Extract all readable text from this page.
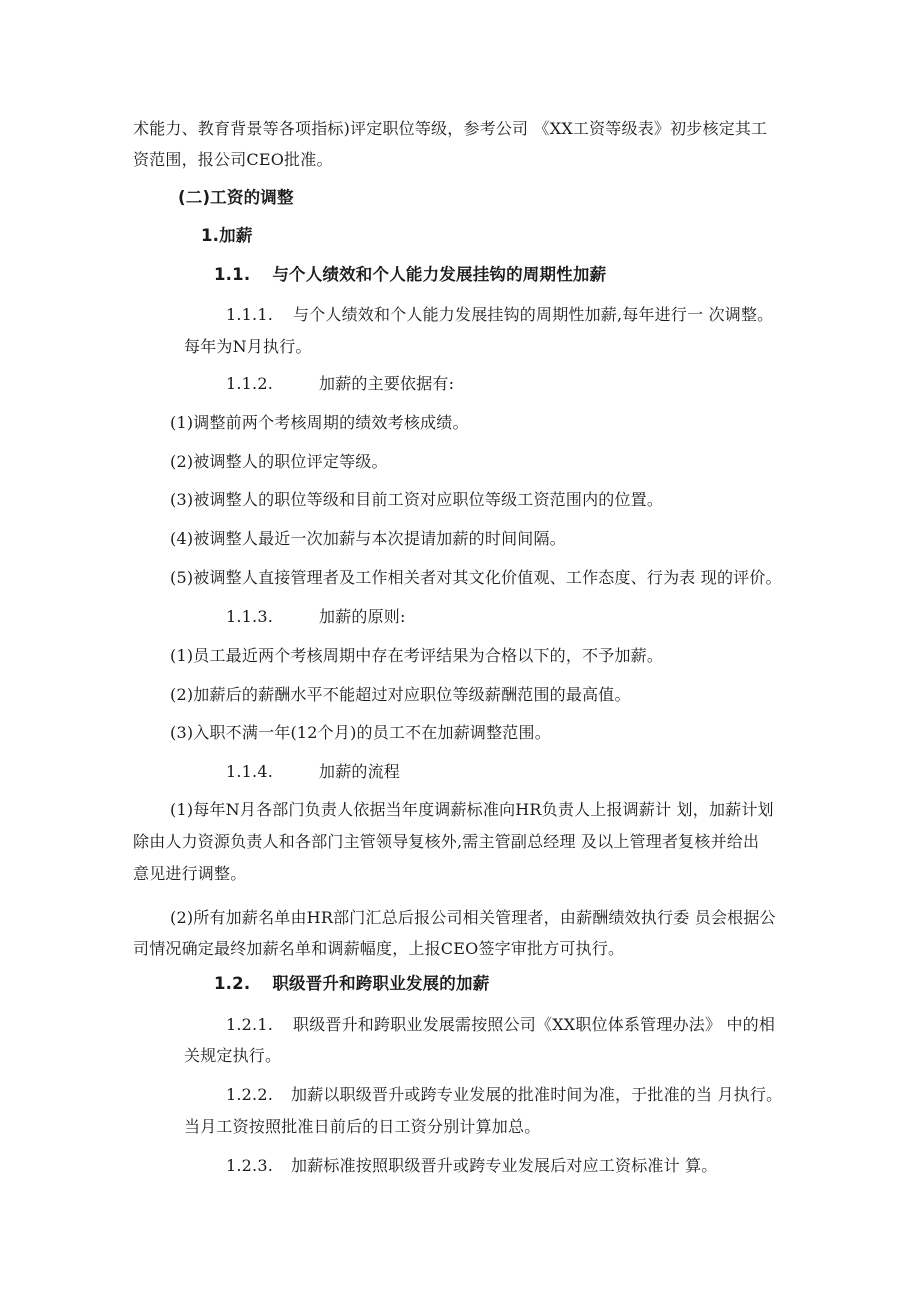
术能力、教育背景等各项指标)评定职位等级，参考公司 《XX工资等级表》初步核定其工
资范围，报公司CEO批准。
(二)工资的调整
1.加薪
1.1. 与个人绩效和个人能力发展挂钩的周期性加薪
1.1.1. 与个人绩效和个人能力发展挂钩的周期性加薪,每年进行一 次调整。
每年为N月执行。
1.1.2.	加薪的主要依据有:
(1)调整前两个考核周期的绩效考核成绩。
(2)被调整人的职位评定等级。
(3)被调整人的职位等级和目前工资对应职位等级工资范围内的位置。
(4)被调整人最近一次加薪与本次提请加薪的时间间隔。
(5)被调整人直接管理者及工作相关者对其文化价值观、工作态度、行为表 现的评价。
1.1.3.	加薪的原则:
(1)员工最近两个考核周期中存在考评结果为合格以下的，不予加薪。
(2)加薪后的薪酬水平不能超过对应职位等级薪酬范围的最高值。
(3)入职不满一年(12个月)的员工不在加薪调整范围。
1.1.4.	加薪的流程
(1)每年N月各部门负责人依据当年度调薪标准向HR负责人上报调薪计 划，加薪计划
除由人力资源负责人和各部门主管领导复核外,需主管副总经理 及以上管理者复核并给出
意见进行调整。
(2)所有加薪名单由HR部门汇总后报公司相关管理者，由薪酬绩效执行委 员会根据公
司情况确定最终加薪名单和调薪幅度，上报CEO签字审批方可执行。
1.2. 职级晋升和跨职业发展的加薪
1.2.1. 职级晋升和跨职业发展需按照公司《XX职位体系管理办法》 中的相
关规定执行。
1.2.2. 加薪以职级晋升或跨专业发展的批准时间为准，于批准的当 月执行。
当月工资按照批准日前后的日工资分别计算加总。
1.2.3. 加薪标准按照职级晋升或跨专业发展后对应工资标准计 算。
